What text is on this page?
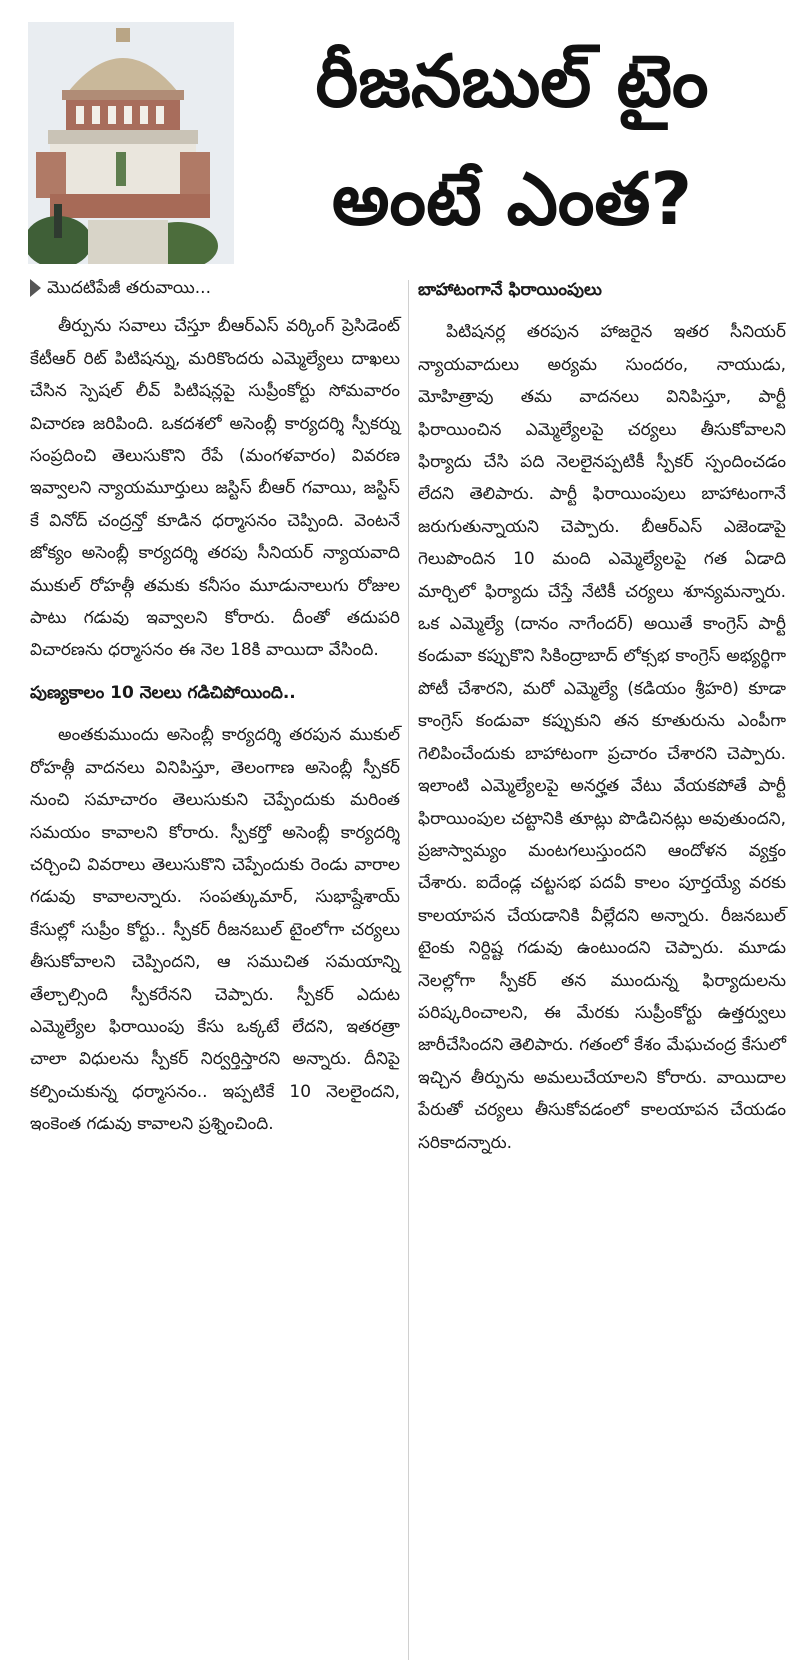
రీజనబుల్ టైం
అంటే ఎంత?
మొదటిపేజీ తరువాయి...

తీర్పును సవాలు చేస్తూ బీఆర్ఎస్ వర్కింగ్ ప్రెసిడెంట్ కేటీఆర్ రిట్ పిటిషన్ను, మరికొందరు ఎమ్మెల్యేలు దాఖలు చేసిన స్పెషల్ లీవ్ పిటిషన్లపై సుప్రీంకోర్టు సోమవారం విచారణ జరిపింది. ఒకదశలో అసెంబ్లీ కార్యదర్శి స్పీకర్ను సంప్రదించి తెలుసుకొని రేపే (మంగళవారం) వివరణ ఇవ్వాలని న్యాయమూర్తులు జస్టిస్ బీఆర్ గవాయి, జస్టిస్ కే వినోద్ చంద్రన్తో కూడిన ధర్మాసనం చెప్పింది. వెంటనే జోక్యం అసెంబ్లీ కార్యదర్శి తరపు సీనియర్ న్యాయవాది ముకుల్ రోహత్గీ తమకు కనీసం మూడునాలుగు రోజుల పాటు గడువు ఇవ్వాలని కోరారు. దీంతో తదుపరి విచారణను ధర్మాసనం ఈ నెల 18కి వాయిదా వేసింది.

పుణ్యకాలం 10 నెలలు గడిచిపోయింది..

అంతకుముందు అసెంబ్లీ కార్యదర్శి తరపున ముకుల్ రోహత్గీ వాదనలు వినిపిస్తూ, తెలంగాణ అసెంబ్లీ స్పీకర్ నుంచి సమాచారం తెలుసుకుని చెప్పేందుకు మరింత సమయం కావాలని కోరారు. స్పీకర్తో అసెంబ్లీ కార్యదర్శి చర్చించి వివరాలు తెలుసుకొని చెప్పేందుకు రెండు వారాల గడువు కావాలన్నారు. సంపత్కుమార్, సుభాష్దేశాయ్ కేసుల్లో సుప్రీం కోర్టు.. స్పీకర్ రీజనబుల్ టైంలోగా చర్యలు తీసుకోవాలని చెప్పిందని, ఆ సముచిత సమయాన్ని తేల్చాల్సింది స్పీకరేనని చెప్పారు. స్పీకర్ ఎదుట ఎమ్మెల్యేల ఫిరాయింపు కేసు ఒక్కటే లేదని, ఇతరత్రా చాలా విధులను స్పీకర్ నిర్వర్తిస్తారని అన్నారు. దీనిపై కల్పించుకున్న ధర్మాసనం.. ఇప్పటికే 10 నెలలైందని, ఇంకెంత గడువు కావాలని ప్రశ్నించింది.

బాహాటంగానే ఫిరాయింపులు

పిటిషనర్ల తరపున హాజరైన ఇతర సీనియర్ న్యాయవాదులు అర్యమ సుందరం, నాయుడు, మోహిత్రావు తమ వాదనలు వినిపిస్తూ, పార్టీ ఫిరాయించిన ఎమ్మెల్యేలపై చర్యలు తీసుకోవాలని ఫిర్యాదు చేసి పది నెలలైనప్పటికీ స్పీకర్ స్పందించడం లేదని తెలిపారు. పార్టీ ఫిరాయింపులు బాహాటంగానే జరుగుతున్నాయని చెప్పారు. బీఆర్ఎస్ ఎజెండాపై గెలుపొందిన 10 మంది ఎమ్మెల్యేలపై గత ఏడాది మార్చిలో ఫిర్యాదు చేస్తే నేటికీ చర్యలు శూన్యమన్నారు. ఒక ఎమ్మెల్యే (దానం నాగేందర్) అయితే కాంగ్రెస్ పార్టీ కండువా కప్పుకొని సికింద్రాబాద్ లోక్సభ కాంగ్రెస్ అభ్యర్థిగా పోటీ చేశారని, మరో ఎమ్మెల్యే (కడియం శ్రీహరి) కూడా కాంగ్రెస్ కండువా కప్పుకుని తన కూతురును ఎంపీగా గెలిపించేందుకు బాహాటంగా ప్రచారం చేశారని చెప్పారు. ఇలాంటి ఎమ్మెల్యేలపై అనర్హత వేటు వేయకపోతే పార్టీ ఫిరాయింపుల చట్టానికి తూట్లు పొడిచినట్లు అవుతుందని, ప్రజాస్వామ్యం మంటగలుస్తుందని ఆందోళన వ్యక్తం చేశారు. ఐదేండ్ల చట్టసభ పదవీ కాలం పూర్తయ్యే వరకు కాలయాపన చేయడానికి వీల్లేదని అన్నారు. రీజనబుల్ టైంకు నిర్దిష్ట గడువు ఉంటుందని చెప్పారు. మూడు నెలల్లోగా స్పీకర్ తన ముందున్న ఫిర్యాదులను పరిష్కరించాలని, ఈ మేరకు సుప్రీంకోర్టు ఉత్తర్వులు జారీచేసిందని తెలిపారు. గతంలో కేశం మేఘచంద్ర కేసులో ఇచ్చిన తీర్పును అమలుచేయాలని కోరారు. వాయిదాల పేరుతో చర్యలు తీసుకోవడంలో కాలయాపన చేయడం సరికాదన్నారు.
